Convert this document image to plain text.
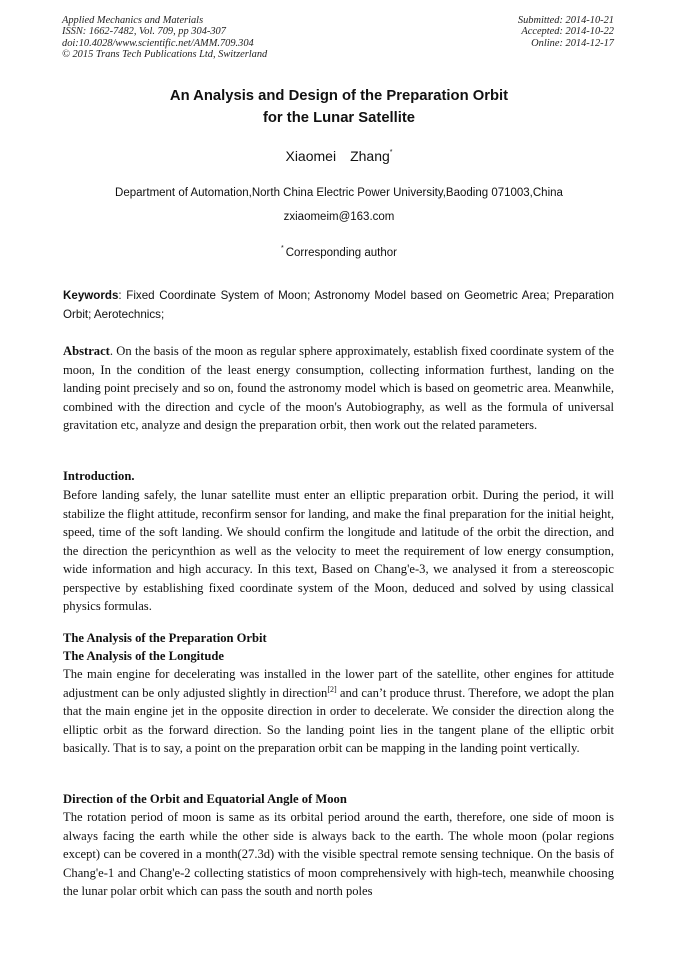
Applied Mechanics and Materials
ISSN: 1662-7482, Vol. 709, pp 304-307
doi:10.4028/www.scientific.net/AMM.709.304
© 2015 Trans Tech Publications Ltd, Switzerland
Submitted: 2014-10-21
Accepted: 2014-10-22
Online: 2014-12-17
An Analysis and Design of the Preparation Orbit
for the Lunar Satellite
Xiaomei Zhang*
Department of Automation,North China Electric Power University,Baoding 071003,China
zxiaomeim@163.com
* Corresponding author
Keywords: Fixed Coordinate System of Moon; Astronomy Model based on Geometric Area; Preparation Orbit; Aerotechnics;
Abstract. On the basis of the moon as regular sphere approximately, establish fixed coordinate system of the moon, In the condition of the least energy consumption, collecting information furthest, landing on the landing point precisely and so on, found the astronomy model which is based on geometric area. Meanwhile, combined with the direction and cycle of the moon's Autobiography, as well as the formula of universal gravitation etc, analyze and design the preparation orbit, then work out the related parameters.
Introduction.
Before landing safely, the lunar satellite must enter an elliptic preparation orbit. During the period, it will stabilize the flight attitude, reconfirm sensor for landing, and make the final preparation for the initial height, speed, time of the soft landing. We should confirm the longitude and latitude of the orbit the direction, and the direction the pericynthion as well as the velocity to meet the requirement of low energy consumption, wide information and high accuracy. In this text, Based on Chang'e-3, we analysed it from a stereoscopic perspective by establishing fixed coordinate system of the Moon, deduced and solved by using classical physics formulas.
The Analysis of the Preparation Orbit
The Analysis of the Longitude
The main engine for decelerating was installed in the lower part of the satellite, other engines for attitude adjustment can be only adjusted slightly in direction[2] and can’t produce thrust. Therefore, we adopt the plan that the main engine jet in the opposite direction in order to decelerate. We consider the direction along the elliptic orbit as the forward direction. So the landing point lies in the tangent plane of the elliptic orbit basically. That is to say, a point on the preparation orbit can be mapping in the landing point vertically.
Direction of the Orbit and Equatorial Angle of Moon
The rotation period of moon is same as its orbital period around the earth, therefore, one side of moon is always facing the earth while the other side is always back to the earth. The whole moon (polar regions except) can be covered in a month(27.3d) with the visible spectral remote sensing technique. On the basis of Chang'e-1 and Chang'e-2 collecting statistics of moon comprehensively with high-tech, meanwhile choosing the lunar polar orbit which can pass the south and north poles
